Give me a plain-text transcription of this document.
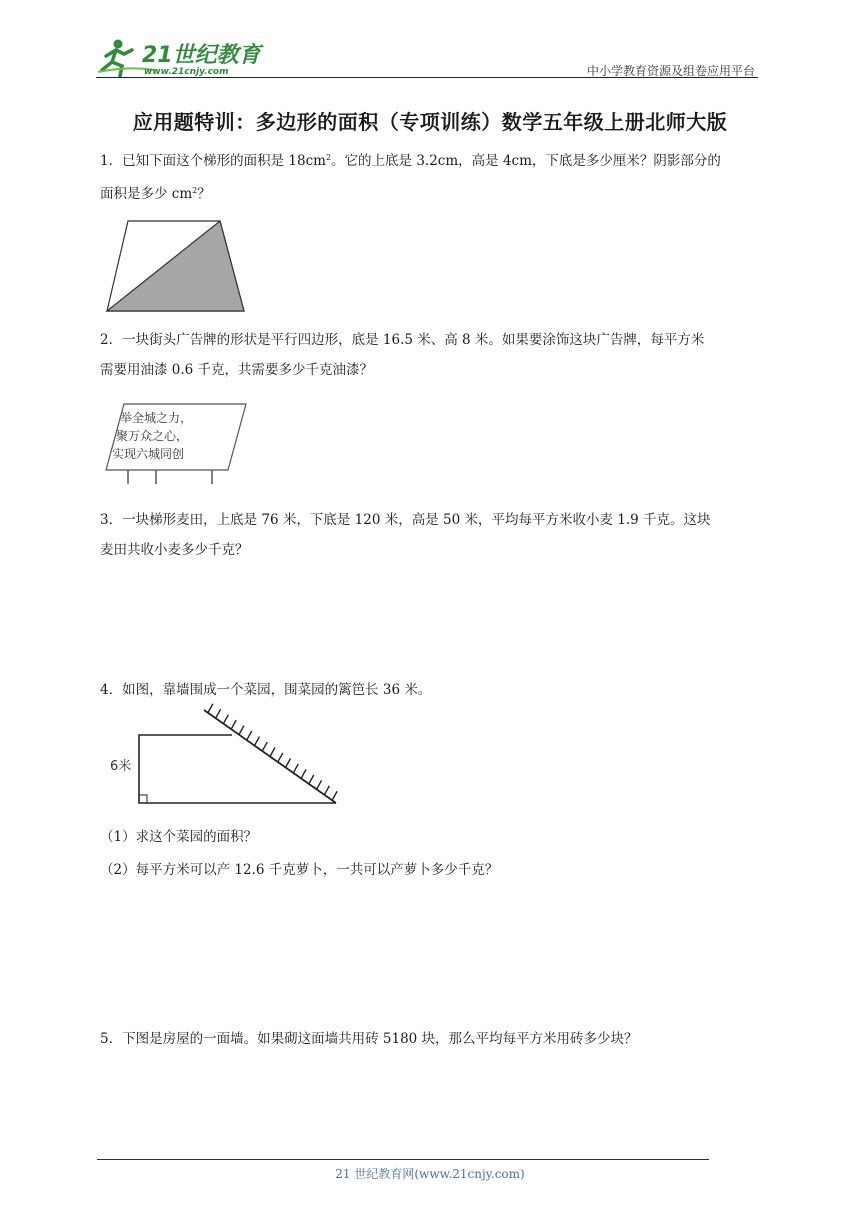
21世纪教育
www.21cnjy.com	中小学教育资源及组卷应用平台
应用题特训：多边形的面积（专项训练）数学五年级上册北师大版
1．已知下面这个梯形的面积是 $18cm^2$。它的上底是 3.2cm，高是 4cm，下底是多少厘米？阴影部分的
面积是多少 $cm^2$？
2．一块街头广告牌的形状是平行四边形，底是 16.5 米、高 8 米。如果要涂饰这块广告牌，每平方米
需要用油漆 0.6 千克，共需要多少千克油漆？
举全城之力，
聚万众之心，
实现六城同创
3．一块梯形麦田，上底是 76 米，下底是 120 米，高是 50 米，平均每平方米收小麦 1.9 千克。这块
麦田共收小麦多少千克？
4．如图，靠墙围成一个菜园，围菜园的篱笆长 36 米。
6米
（1）求这个菜园的面积？
（2）每平方米可以产 12.6 千克萝卜，一共可以产萝卜多少千克？
5．下图是房屋的一面墙。如果砌这面墙共用砖 5180 块，那么平均每平方米用砖多少块？
21 世纪教育网(www.21cnjy.com)
